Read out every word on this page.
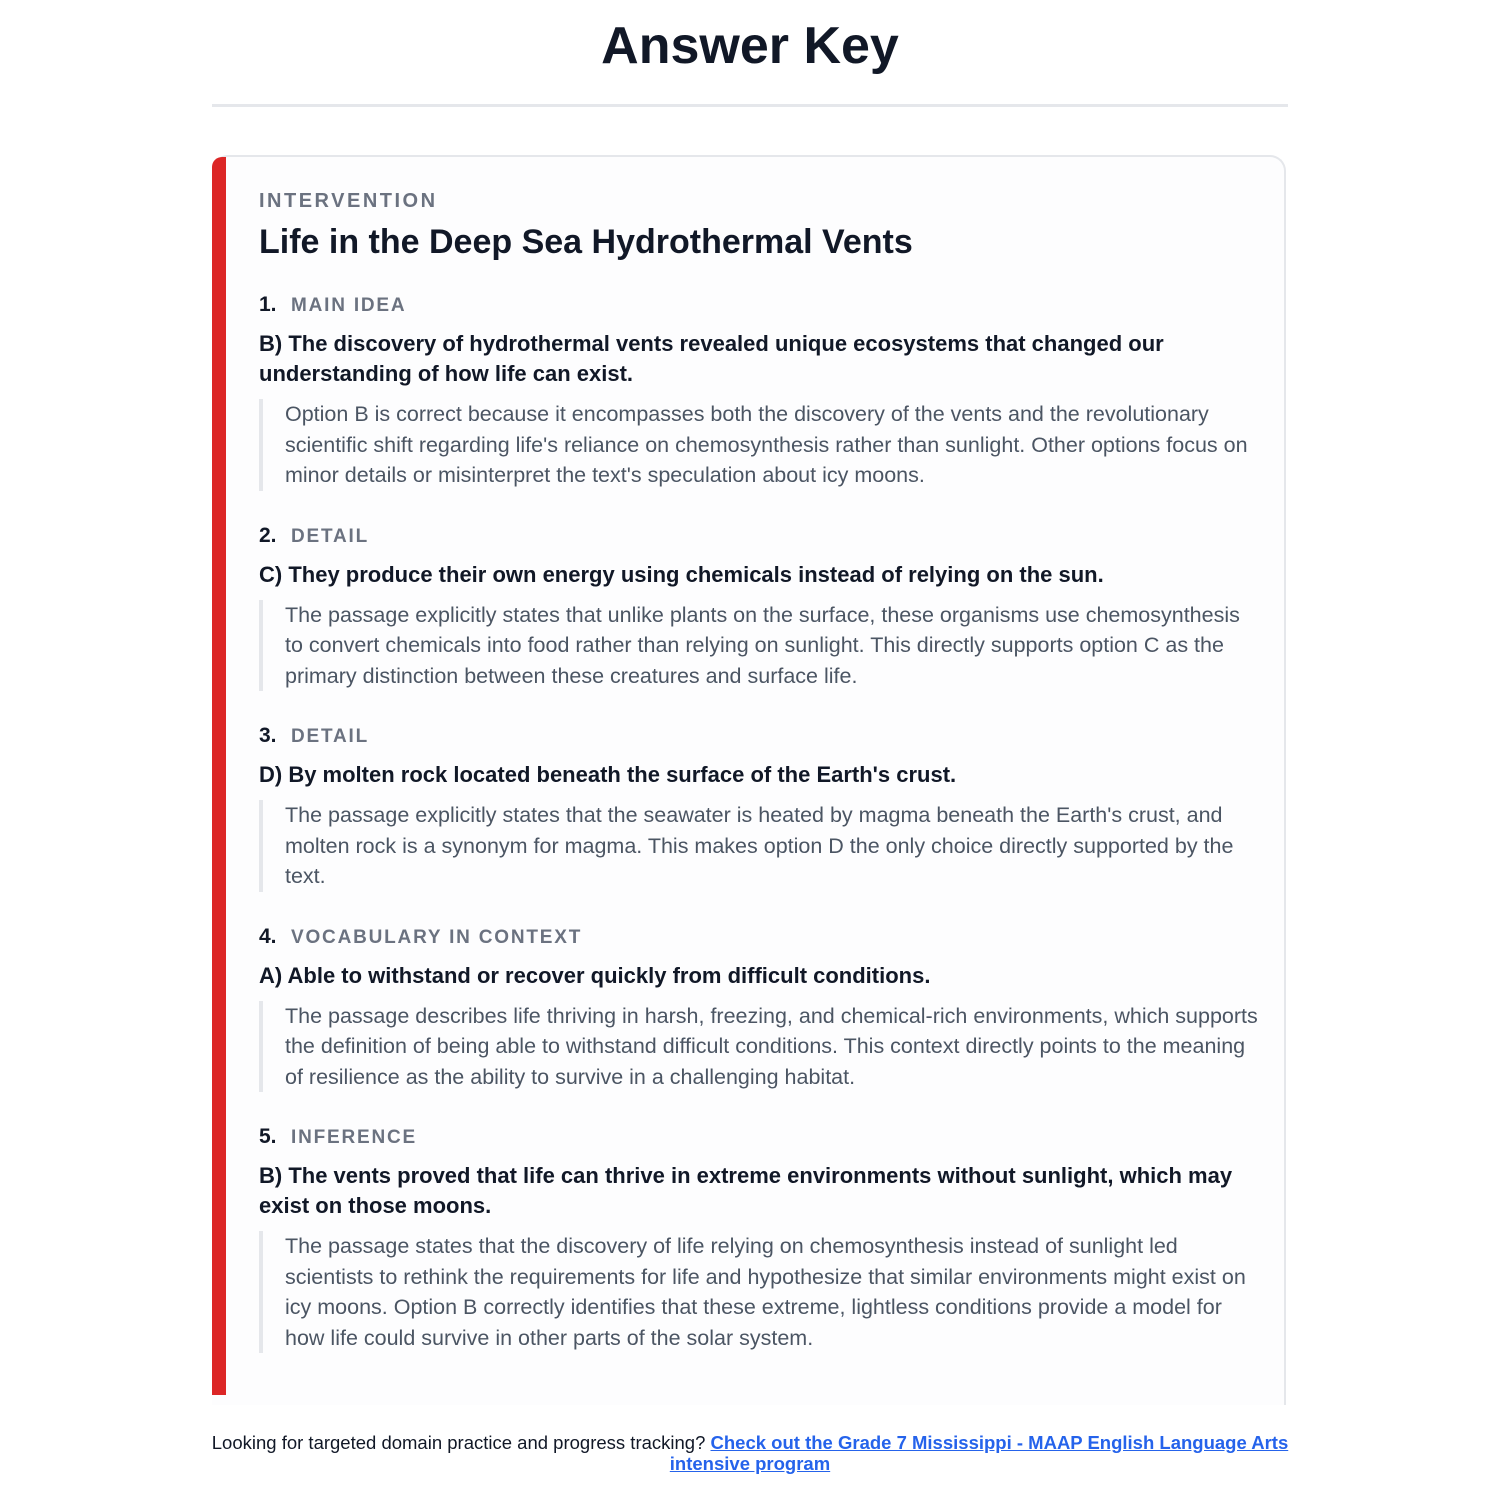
Answer Key

INTERVENTION

Life in the Deep Sea Hydrothermal Vents
1. MAIN IDEA

B) The discovery of hydrothermal vents revealed unique ecosystems that changed our understanding of how life can exist.

Option B is correct because it encompasses both the discovery of the vents and the revolutionary scientific shift regarding life's reliance on chemosynthesis rather than sunlight. Other options focus on minor details or misinterpret the text's speculation about icy moons.

2. DETAIL

C) They produce their own energy using chemicals instead of relying on the sun.

The passage explicitly states that unlike plants on the surface, these organisms use chemosynthesis to convert chemicals into food rather than relying on sunlight. This directly supports option C as the primary distinction between these creatures and surface life.

3. DETAIL

D) By molten rock located beneath the surface of the Earth's crust.

The passage explicitly states that the seawater is heated by magma beneath the Earth's crust, and molten rock is a synonym for magma. This makes option D the only choice directly supported by the text.

4. VOCABULARY IN CONTEXT

A) Able to withstand or recover quickly from difficult conditions.

The passage describes life thriving in harsh, freezing, and chemical-rich environments, which supports the definition of being able to withstand difficult conditions. This context directly points to the meaning of resilience as the ability to survive in a challenging habitat.

5. INFERENCE

B) The vents proved that life can thrive in extreme environments without sunlight, which may exist on those moons.

The passage states that the discovery of life relying on chemosynthesis instead of sunlight led scientists to rethink the requirements for life and hypothesize that similar environments might exist on icy moons. Option B correctly identifies that these extreme, lightless conditions provide a model for how life could survive in other parts of the solar system.

Looking for targeted domain practice and progress tracking? Check out the Grade 7 Mississippi - MAAP English Language Arts intensive program
